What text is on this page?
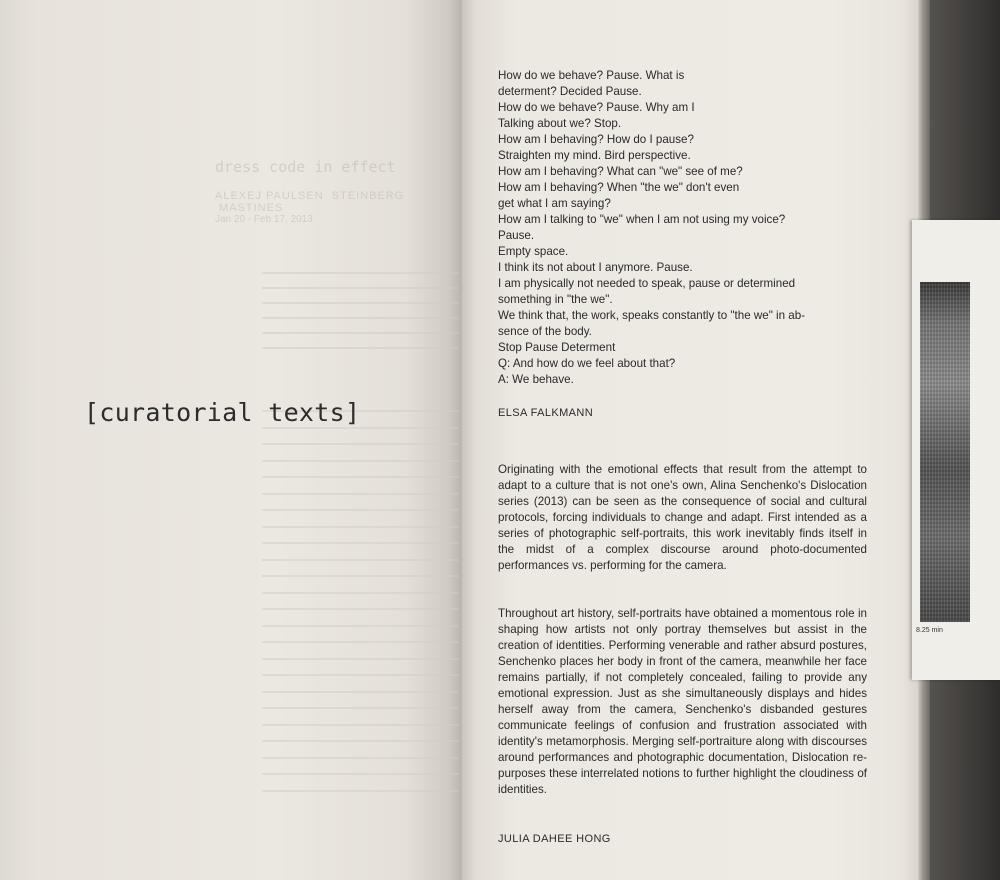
dress code in effect
ALEXEJ PAULSEN  STEINBERG  MASTINES
Jan 20 - Feb 17, 2013
[curatorial texts]
How do we behave? Pause. What is
determent? Decided Pause.
How do we behave? Pause. Why am I
Talking about we? Stop.
How am I behaving? How do I pause?
Straighten my mind. Bird perspective.
How am I behaving? What can "we" see of me?
How am I behaving? When "the we" don't even
get what I am saying?
How am I talking to "we" when I am not using my voice?
Pause.
Empty space.
I think its not about I anymore. Pause.
I am physically not needed to speak, pause or determined
something in "the we".
We think that, the work, speaks constantly to "the we" in ab-
sence of the body.
Stop Pause Determent
Q: And how do we feel about that?
A: We behave.
ELSA FALKMANN
Originating with the emotional effects that result from the attempt to adapt to a culture that is not one's own, Alina Senchenko's Dislocation series (2013) can be seen as the consequence of social and cultural protocols, forcing individuals to change and adapt. First intended as a series of photographic self-portraits, this work inevitably finds itself in the midst of a complex discourse around photo-documented performances vs. performing for the camera.
Throughout art history, self-portraits have obtained a momentous role in shaping how artists not only portray themselves but assist in the creation of identities. Performing venerable and rather absurd postures, Senchenko places her body in front of the camera, meanwhile her face remains partially, if not completely concealed, failing to provide any emotional expression. Just as she simultaneously displays and hides herself away from the camera, Senchenko's disbanded gestures communicate feelings of confusion and frustration associated with identity's metamorphosis. Merging self-portraiture along with discourses around performances and photographic documentation, Dislocation re-purposes these interrelated notions to further highlight the cloudiness of identities.
JULIA DAHEE HONG
8.25 min
